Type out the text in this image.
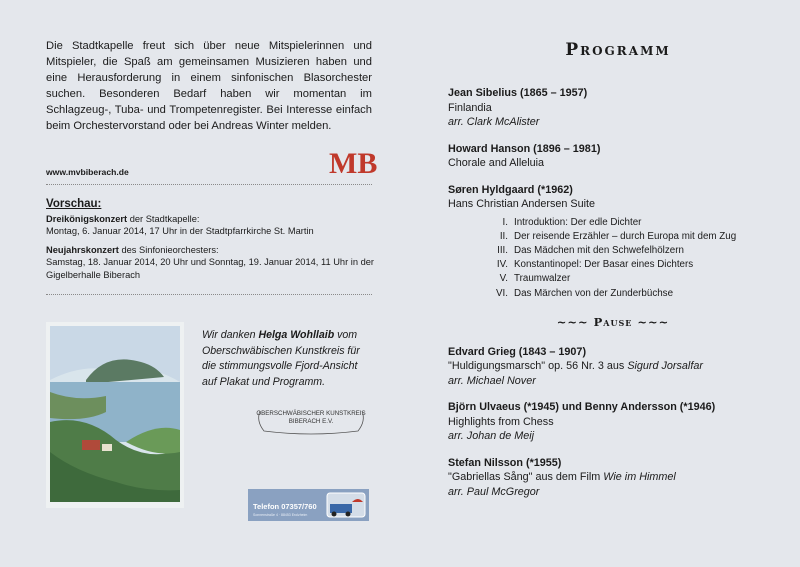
Die Stadtkapelle freut sich über neue Mitspielerinnen und Mitspieler, die Spaß am gemeinsamen Musizieren haben und eine Herausforderung in einem sinfonischen Blasorchester suchen. Besonderen Bedarf haben wir momentan im Schlagzeug-, Tuba- und Trompetenregister. Bei Interesse einfach beim Orchestervorstand oder bei Andreas Winter melden.

www.mvbiberach.de	MB
Vorschau:

Dreikönigskonzert der Stadtkapelle:
Montag, 6. Januar 2014, 17 Uhr in der Stadtpfarrkirche St. Martin

Neujahrskonzert des Sinfonieorchesters:
Samstag, 18. Januar 2014, 20 Uhr und Sonntag, 19. Januar 2014, 11 Uhr in der Gigelberhalle Biberach

Wir danken Helga Wohllaib vom Oberschwäbischen Kunstkreis für die stimmungsvolle Fjord-Ansicht auf Plakat und Programm.
OBERSCHWÄBISCHER KUNSTKREIS
BIBERACH E.V.
Telefon 07357/760
Sonnenstraße 4 · 88453 Erolzheim
Programm
Jean Sibelius (1865 – 1957)
Finlandia
arr. Clark McAlister
Howard Hanson (1896 – 1981)
Chorale and Alleluia
Søren Hyldgaard (*1962)
Hans Christian Andersen Suite
I. Introduktion: Der edle Dichter
II. Der reisende Erzähler – durch Europa mit dem Zug
III. Das Mädchen mit den Schwefelhölzern
IV. Konstantinopel: Der Basar eines Dichters
V. Traumwalzer
VI. Das Märchen von der Zunderbüchse
~~~ Pause ~~~
Edvard Grieg (1843 – 1907)
"Huldigungsmarsch" op. 56 Nr. 3 aus Sigurd Jorsalfar
arr. Michael Nover
Björn Ulvaeus (*1945) und Benny Andersson (*1946)
Highlights from Chess
arr. Johan de Meij
Stefan Nilsson (*1955)
"Gabriellas Sång" aus dem Film Wie im Himmel
arr. Paul McGregor
